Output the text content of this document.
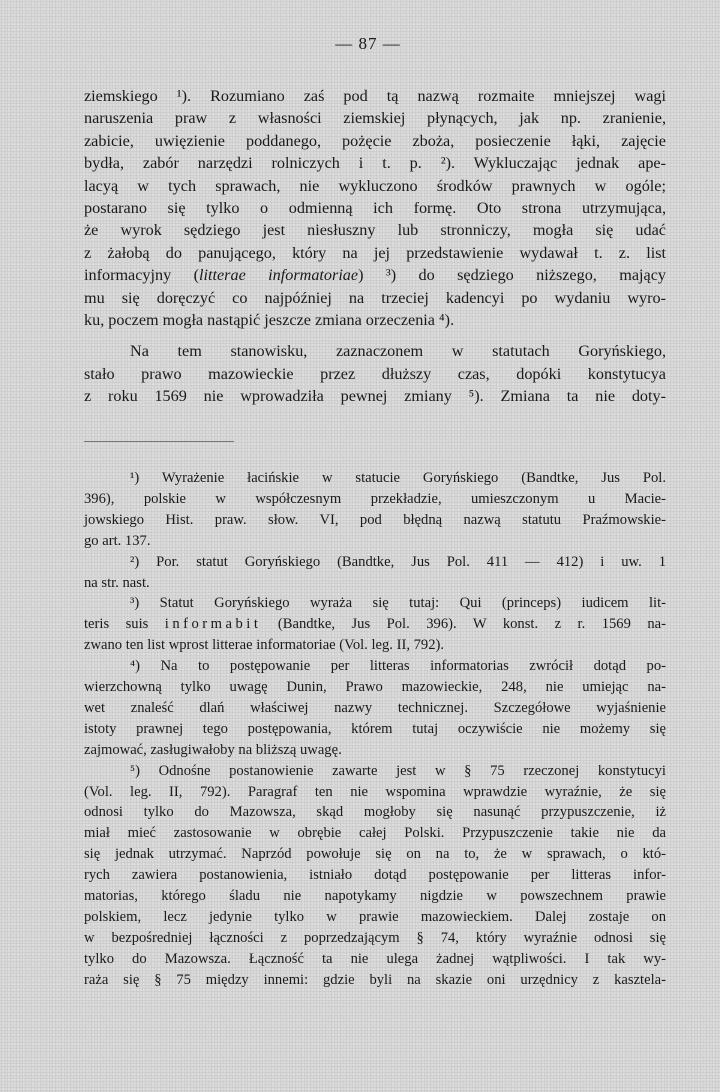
— 87 —
ziemskiego ¹). Rozumiano zaś pod tą nazwą rozmaite mniejszej wagi
naruszenia praw z własności ziemskiej płynących, jak np. zranienie,
zabicie, uwięzienie poddanego, pożęcie zboża, posieczenie łąki, zajęcie
bydła, zabór narzędzi rolniczych i t. p. ²). Wykluczając jednak ape-
lacyą w tych sprawach, nie wykluczono środków prawnych w ogóle;
postarano się tylko o odmienną ich formę. Oto strona utrzymująca,
że wyrok sędziego jest niesłuszny lub stronniczy, mogła się udać
z żałobą do panującego, który na jej przedstawienie wydawał t. z. list
informacyjny (litterae informatoriae) ³) do sędziego niższego, mający
mu się doręczyć co najpóźniej na trzeciej kadencyi po wydaniu wyro-
ku, poczem mogła nastąpić jeszcze zmiana orzeczenia ⁴).
Na tem stanowisku, zaznaczonem w statutach Goryńskiego,
stało prawo mazowieckie przez dłuższy czas, dopóki konstytucya
z roku 1569 nie wprowadziła pewnej zmiany ⁵). Zmiana ta nie doty-
¹) Wyrażenie łacińskie w statucie Goryńskiego (Bandtke, Jus Pol.
396), polskie w współczesnym przekładzie, umieszczonym u Macie-
jowskiego Hist. praw. słow. VI, pod błędną nazwą statutu Praźmowskie-
go art. 137.
²) Por. statut Goryńskiego (Bandtke, Jus Pol. 411 — 412) i uw. 1
na str. nast.
³) Statut Goryńskiego wyraża się tutaj: Qui (princeps) iudicem lit-
teris suis informabit (Bandtke, Jus Pol. 396). W konst. z r. 1569 na-
zwano ten list wprost litterae informatoriae (Vol. leg. II, 792).
⁴) Na to postępowanie per litteras informatorias zwrócił dotąd po-
wierzchowną tylko uwagę Dunin, Prawo mazowieckie, 248, nie umiejąc na-
wet znaleść dlań właściwej nazwy technicznej. Szczegółowe wyjaśnienie
istoty prawnej tego postępowania, którem tutaj oczywiście nie możemy się
zajmować, zasługiwałoby na bliższą uwagę.
⁵) Odnośne postanowienie zawarte jest w § 75 rzeczonej konstytucyi
(Vol. leg. II, 792). Paragraf ten nie wspomina wprawdzie wyraźnie, że się
odnosi tylko do Mazowsza, skąd mogłoby się nasunąć przypuszczenie, iż
miał mieć zastosowanie w obrębie całej Polski. Przypuszczenie takie nie da
się jednak utrzymać. Naprzód powołuje się on na to, że w sprawach, o któ-
rych zawiera postanowienia, istniało dotąd postępowanie per litteras infor-
matorias, którego śladu nie napotykamy nigdzie w powszechnem prawie
polskiem, lecz jedynie tylko w prawie mazowieckiem. Dalej zostaje on
w bezpośredniej łączności z poprzedzającym § 74, który wyraźnie odnosi się
tylko do Mazowsza. Łączność ta nie ulega żadnej wątpliwości. I tak wy-
raża się § 75 między innemi: gdzie byli na skazie oni urzędnicy z kasztela-
